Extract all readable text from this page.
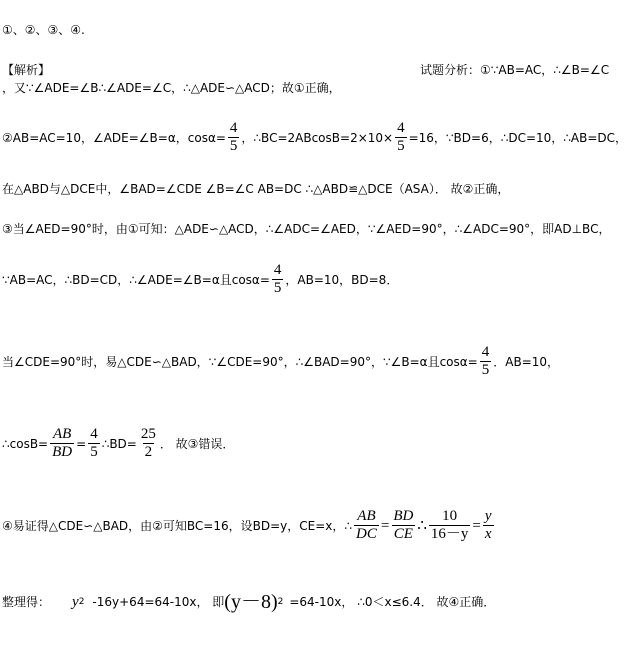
①、②、③、④.
【解析】	试题分析：①∵AB=AC，∴∠B=∠C
，又∵∠ADE=∠B∴∠ADE=∠C，∴△ADE∽△ACD；故①正确，
②AB=AC=10，∠ADE=∠B=α，$\cos\alpha= \frac{4}{5}$ ，∴BC=2ABcosB=2×10× $\frac{4}{5} =16$，∵BD=6，∴DC=10，∴AB=DC，
在△ABD与△DCE中，∠BAD=∠CDE ∠B=∠C AB=DC ∴△ABD≌△DCE（ASA）． 故②正确，
③当∠AED=90°时，由①可知：△ADE∽△ACD，∴∠ADC=∠AED，∵∠AED=90°，∴∠ADC=90°，即AD⊥BC，
∵AB=AC，∴BD=CD，∴∠ADE=∠B=α且$\cos\alpha= \frac{4}{5}$ ，AB=10，BD=8．
当∠CDE=90°时，易△CDE∽△BAD，∵∠CDE=90°，∴∠BAD=90°，∵∠B=α且$\cos\alpha= \frac{4}{5}$ ．AB=10，
∴cosB= $\frac{AB}{BD} = \frac{4}{5}$ ∴BD= $\frac{25}{2}$ ． 故③错误．
④易证得△CDE∽△BAD，由②可知BC=16，设BD=y，CE=x，∴ $\frac{AB}{DC} = \frac{BD}{CE}$ ∴ $\frac{10}{16-y} = \frac{y}{x}$
整理得： y 2 -16y+64=64-10x， 即 (y－8) 2 =64-10x， ∴0＜x≤6.4． 故④正确．
